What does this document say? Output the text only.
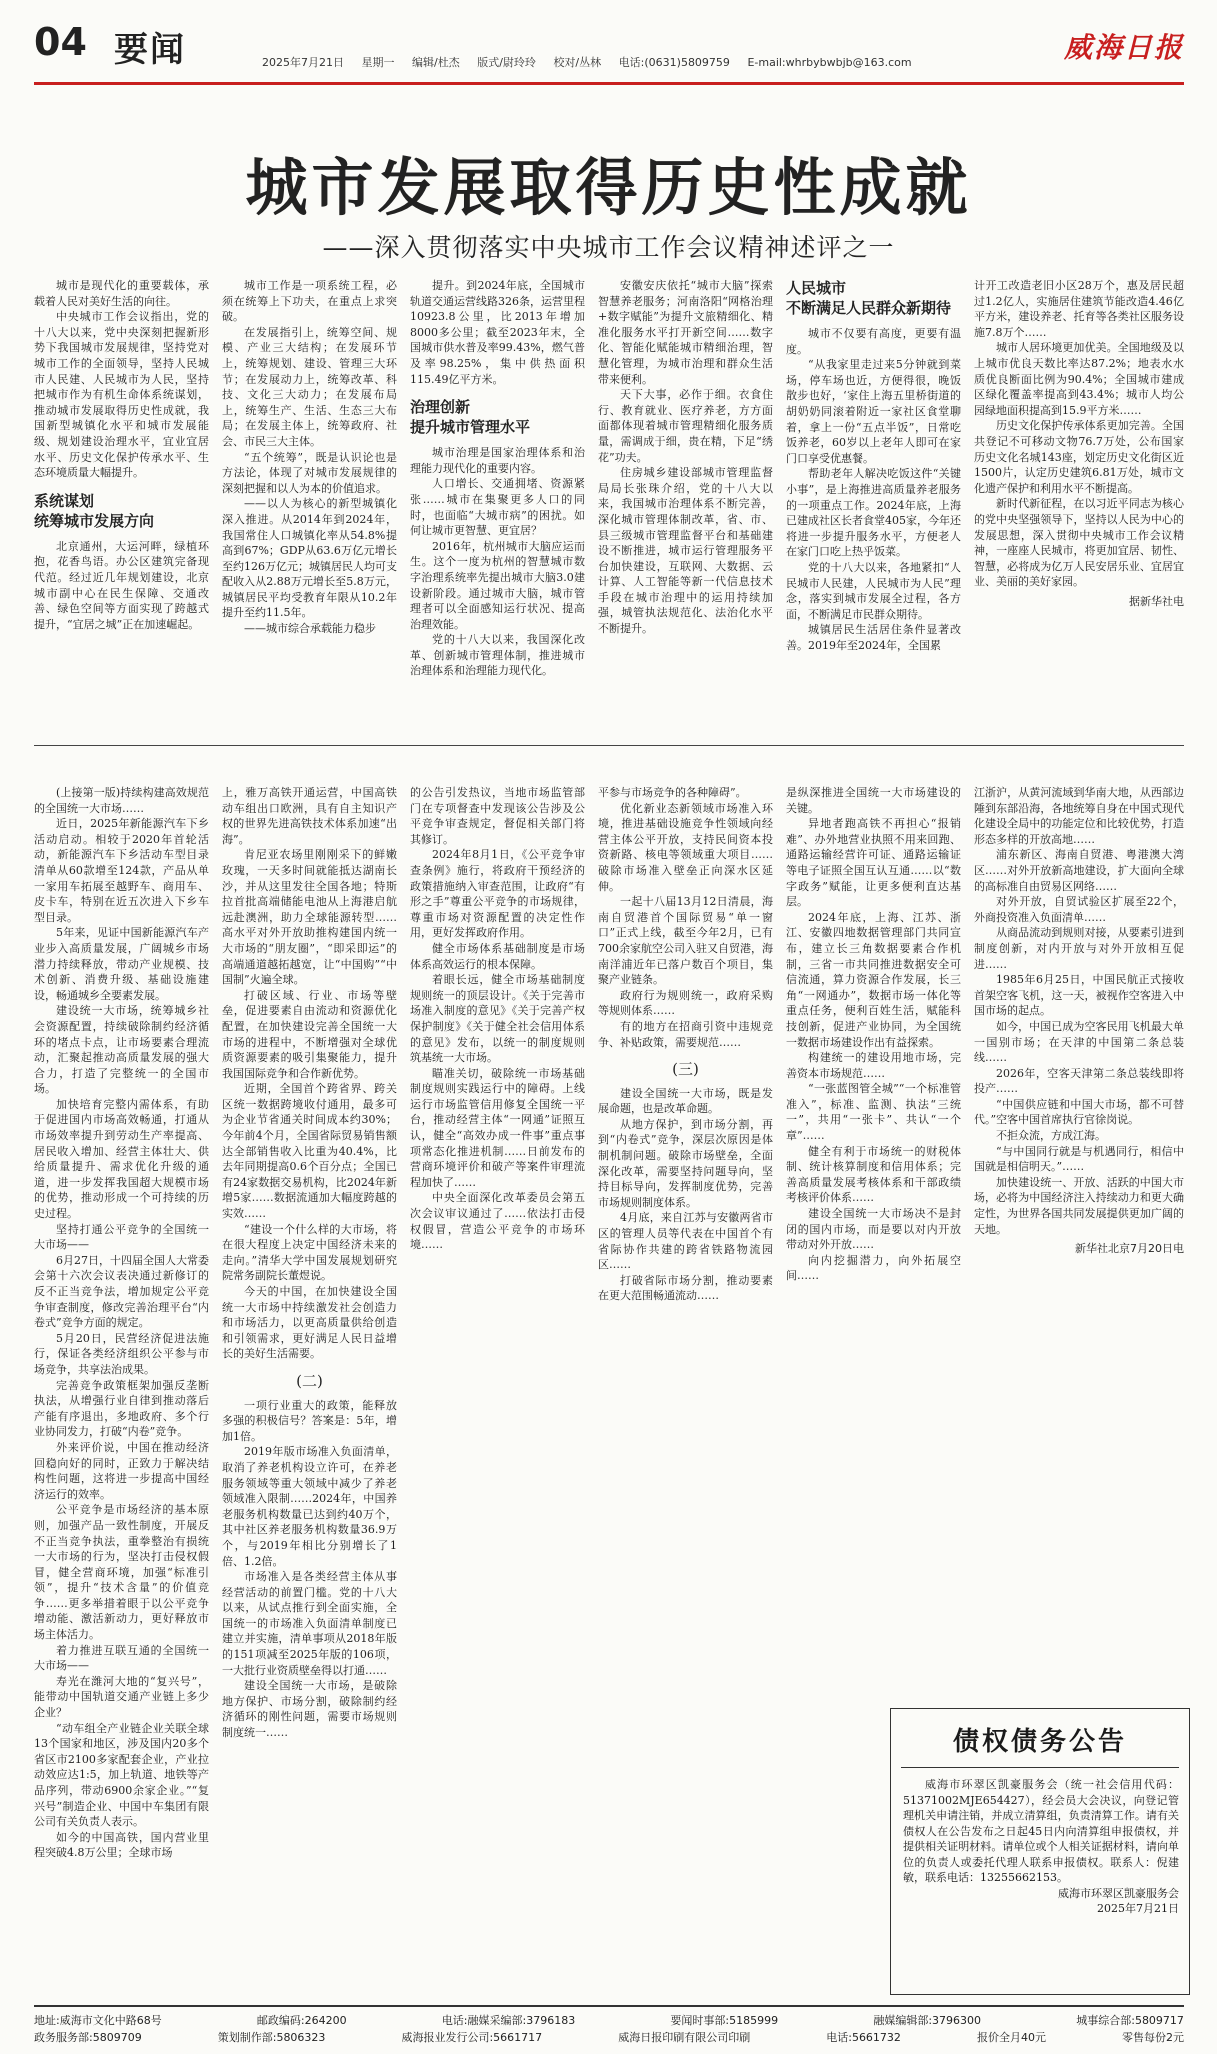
04 要闻	2025年7月21日 星期一 编辑/杜杰 版式/尉玲玲 校对/丛林 电话:(0631)5809759 E-mail:whrbybwbjb@163.com	威海日报
城市发展取得历史性成就
——深入贯彻落实中央城市工作会议精神述评之一

城市是现代化的重要载体，承载着人民对美好生活的向往。

中央城市工作会议指出，党的十八大以来，党中央深刻把握新形势下我国城市发展规律，坚持党对城市工作的全面领导，坚持人民城市人民建、人民城市为人民，坚持把城市作为有机生命体系统谋划，推动城市发展取得历史性成就，我国新型城镇化水平和城市发展能级、规划建设治理水平，宜业宜居水平、历史文化保护传承水平、生态环境质量大幅提升。

系统谋划
统筹城市发展方向

北京通州，大运河畔，绿植环抱，花香鸟语。办公区建筑完备现代范。经过近几年规划建设，北京城市副中心在民生保障、交通改善、绿色空间等方面实现了跨越式提升，“宜居之城”正在加速崛起。

城市工作是一项系统工程，必须在统筹上下功夫，在重点上求突破。

在发展指引上，统筹空间、规模、产业三大结构；在发展环节上，统筹规划、建设、管理三大环节；在发展动力上，统筹改革、科技、文化三大动力；在发展布局上，统筹生产、生活、生态三大布局；在发展主体上，统筹政府、社会、市民三大主体。

“五个统筹”，既是认识论也是方法论，体现了对城市发展规律的深刻把握和以人为本的价值追求。

——以人为核心的新型城镇化深入推进。从2014年到2024年，我国常住人口城镇化率从54.8%提高到67%；GDP从63.6万亿元增长至约126万亿元；城镇居民人均可支配收入从2.88万元增长至5.8万元，城镇居民平均受教育年限从10.2年提升至约11.5年。

——城市综合承载能力稳步

提升。到2024年底，全国城市轨道交通运营线路326条，运营里程10923.8公里，比2013年增加8000多公里；截至2023年末，全国城市供水普及率99.43%，燃气普及率98.25%，集中供热面积115.49亿平方米。

治理创新
提升城市管理水平

城市治理是国家治理体系和治理能力现代化的重要内容。

人口增长、交通拥堵、资源紧张……城市在集聚更多人口的同时，也面临“大城市病”的困扰。如何让城市更智慧、更宜居？

2016年，杭州城市大脑应运而生。这个一度为杭州的智慧城市数字治理系统率先提出城市大脑3.0建设新阶段。通过城市大脑，城市管理者可以全面感知运行状况、提高治理效能。

党的十八大以来，我国深化改革、创新城市管理体制，推进城市治理体系和治理能力现代化。

安徽安庆依托“城市大脑”探索智慧养老服务；河南洛阳“网格治理+数字赋能”为提升文旅精细化、精准化服务水平打开新空间……数字化、智能化赋能城市精细治理，智慧化管理，为城市治理和群众生活带来便利。

天下大事，必作于细。衣食住行、教育就业、医疗养老，方方面面都体现着城市管理精细化服务质量，需调成于细，贵在精，下足“绣花”功夫。

住房城乡建设部城市管理监督局局长张珠介绍，党的十八大以来，我国城市治理体系不断完善，深化城市管理体制改革，省、市、县三级城市管理监督平台和基础建设不断推进，城市运行管理服务平台加快建设，互联网、大数据、云计算、人工智能等新一代信息技术手段在城市治理中的运用持续加强，城管执法规范化、法治化水平不断提升。

人民城市
不断满足人民群众新期待

城市不仅要有高度，更要有温度。

“从我家里走过来5分钟就到菜场，停车场也近，方便得很，晚饭散步也好，‘家住上海五里桥街道的胡奶奶同滚着附近一家社区食堂聊着，拿上一份“五点半饭”，日常吃饭养老，60岁以上老年人即可在家门口享受优惠餐。

帮助老年人解决吃饭这件“关键小事”，是上海推进高质量养老服务的一项重点工作。2024年底，上海已建成社区长者食堂405家，今年还将进一步提升服务水平，方便老人在家门口吃上热乎饭菜。

党的十八大以来，各地紧扣“人民城市人民建，人民城市为人民”理念，落实到城市发展全过程，各方面，不断满足市民群众期待。

城镇居民生活居住条件显著改善。2019年至2024年，全国累

计开工改造老旧小区28万个，惠及居民超过1.2亿人，实施居住建筑节能改造4.46亿平方米，建设养老、托育等各类社区服务设施7.8万个……

城市人居环境更加优美。全国地级及以上城市优良天数比率达87.2%；地表水水质优良断面比例为90.4%；全国城市建成区绿化覆盖率提高到43.4%；城市人均公园绿地面积提高到15.9平方米……

历史文化保护传承体系更加完善。全国共登记不可移动文物76.7万处，公布国家历史文化名城143座，划定历史文化街区近1500片，认定历史建筑6.81万处，城市文化遗产保护和利用水平不断提高。

新时代新征程，在以习近平同志为核心的党中央坚强领导下，坚持以人民为中心的发展思想，深入贯彻中央城市工作会议精神，一座座人民城市，将更加宜居、韧性、智慧，必将成为亿万人民安居乐业、宜居宜业、美丽的美好家园。

据新华社电

(上接第一版)持续构建高效规范的全国统一大市场……

近日，2025年新能源汽车下乡活动启动。相较于2020年首轮活动，新能源汽车下乡活动车型目录清单从60款增至124款，产品从单一家用车拓展至越野车、商用车、皮卡车，特别在近五次进入下乡车型目录。

5年来，见证中国新能源汽车产业步入高质量发展，广阔城乡市场潜力持续释放，带动产业规模、技术创新、消费升级、基础设施建设，畅通城乡全要素发展。

建设统一大市场，统筹城乡社会资源配置，持续破除制约经济循环的堵点卡点，让市场要素合理流动，汇聚起推动高质量发展的强大合力，打造了完整统一的全国市场。

加快培育完整内需体系，有助于促进国内市场高效畅通，打通从市场效率提升到劳动生产率提高、居民收入增加、经营主体壮大、供给质量提升、需求优化升级的通道，进一步发挥我国超大规模市场的优势，推动形成一个可持续的历史过程。

坚持打通公平竞争的全国统一大市场——

6月27日，十四届全国人大常委会第十六次会议表决通过新修订的反不正当竞争法，增加规定公平竞争审查制度，修改完善治理平台“内卷式”竞争方面的规定。

5月20日，民营经济促进法施行，保证各类经济组织公平参与市场竞争，共享法治成果。

完善竞争政策框架加强反垄断执法，从增强行业自律到推动落后产能有序退出，多地政府、多个行业协同发力，打破“内卷”竞争。

外来评价说，中国在推动经济回稳向好的同时，正致力于解决结构性问题，这将进一步提高中国经济运行的效率。

公平竞争是市场经济的基本原则，加强产品一致性制度，开展反不正当竞争执法，重拳整治有损统一大市场的行为，坚决打击侵权假冒，健全营商环境，加强“标准引领”，提升“技术含量”的价值竞争……更多举措着眼于以公平竞争增动能、激活新动力，更好释放市场主体活力。

着力推进互联互通的全国统一大市场——

寿光在潍河大地的“复兴号”，能带动中国轨道交通产业链上多少企业？

“动车组全产业链企业关联全球13个国家和地区，涉及国内20多个省区市2100多家配套企业，产业拉动效应达1:5，加上轨道、地铁等产品序列，带动6900余家企业。”“复兴号”制造企业、中国中车集团有限公司有关负责人表示。

如今的中国高铁，国内营业里程突破4.8万公里；全球市场

上，雅万高铁开通运营，中国高铁动车组出口欧洲，具有自主知识产权的世界先进高铁技术体系加速“出海”。

肯尼亚农场里刚刚采下的鲜嫩玫瑰，一天多时间就能抵达湖南长沙，并从这里发往全国各地；特斯拉首批高端储能电池从上海港启航远赴澳洲，助力全球能源转型……高水平对外开放助推构建国内统一大市场的“朋友圈”，“即采即运”的高端通道越拓越宽，让“中国购”“中国制”火遍全球。

打破区域、行业、市场等壁垒，促进要素自由流动和资源优化配置，在加快建设完善全国统一大市场的进程中，不断增强对全球优质资源要素的吸引集聚能力，提升我国国际竞争和合作新优势。

近期，全国首个跨省界、跨关区统一数据跨境收付通用，最多可为企业节省通关时间成本约30%；今年前4个月，全国省际贸易销售额达全部销售收入比重为40.4%，比去年同期提高0.6个百分点；全国已有24家数据交易机构，比2024年新增5家……数据流通加大幅度跨越的实效……

“建设一个什么样的大市场，将在很大程度上决定中国经济未来的走向。”清华大学中国发展规划研究院常务副院长董煜说。

今天的中国，在加快建设全国统一大市场中持续激发社会创造力和市场活力，以更高质量供给创造和引领需求，更好满足人民日益增长的美好生活需要。

(二)

一项行业重大的政策，能释放多强的积极信号？答案是：5年，增加1倍。

2019年版市场准入负面清单，取消了养老机构设立许可，在养老服务领域等重大领域中减少了养老领域准入限制……2024年，中国养老服务机构数量已达到约40万个，其中社区养老服务机构数量36.9万个，与2019年相比分别增长了1倍、1.2倍。

市场准入是各类经营主体从事经营活动的前置门槛。党的十八大以来，从试点推行到全面实施，全国统一的市场准入负面清单制度已建立并实施，清单事项从2018年版的151项减至2025年版的106项，一大批行业资质壁垒得以打通……

建设全国统一大市场，是破除地方保护、市场分割，破除制约经济循环的刚性问题，需要市场规则制度统一……

的公告引发热议，当地市场监管部门在专项督查中发现该公告涉及公平竞争审查规定，督促相关部门将其修订。

2024年8月1日，《公平竞争审查条例》施行，将政府干预经济的政策措施纳入审查范围，让政府“有形之手”尊重公平竞争的市场规律，尊重市场对资源配置的决定性作用，更好发挥政府作用。

健全市场体系基础制度是市场体系高效运行的根本保障。

着眼长远，健全市场基础制度规则统一的顶层设计。《关于完善市场准入制度的意见》《关于完善产权保护制度》《关于健全社会信用体系的意见》发布，以统一的制度规则筑基统一大市场。

瞄准关切，破除统一市场基础制度规则实践运行中的障碍。上线运行市场监管信用修复全国统一平台，推动经营主体“一网通”证照互认，健全“高效办成一件事”重点事项常态化推进机制……日前发布的营商环境评价和破产等案件审理流程加快了……

中央全面深化改革委员会第五次会议审议通过了……依法打击侵权假冒，营造公平竞争的市场环境……

平参与市场竞争的各种障碍”。

优化新业态新领域市场准入环境，推进基础设施竞争性领域向经营主体公平开放，支持民间资本投资新路、核电等领域重大项目……破除市场准入壁垒正向深水区延伸。

一起十八届13月12日清晨，海南自贸港首个国际贸易“单一窗口”正式上线，截至今年2月，已有700余家航空公司入驻又自贸港，海南洋浦近年已落户数百个项目，集聚产业链条。

政府行为规则统一，政府采购等规则体系……

有的地方在招商引资中违规竞争、补贴政策，需要规范……

(三)

建设全国统一大市场，既是发展命题，也是改革命题。

从地方保护，到市场分割，再到“内卷式”竞争，深层次原因是体制机制问题。破除市场壁垒，全面深化改革，需要坚持问题导向，坚持目标导向，发挥制度优势，完善市场规则制度体系。

4月底，来自江苏与安徽两省市区的管理人员等代表在中国首个有省际协作共建的跨省铁路物流园区……

打破省际市场分割，推动要素在更大范围畅通流动……

是纵深推进全国统一大市场建设的关键。

异地者跑高铁不再担心“报销难”、办外地营业执照不用来回跑、通路运输经营许可证、通路运输证等电子证照全国互认互通……以“数字政务”赋能，让更多便利直达基层。

2024年底，上海、江苏、浙江、安徽四地数据管理部门共同宣布，建立长三角数据要素合作机制，三省一市共同推进数据安全可信流通，算力资源合作发展，长三角“一网通办”，数据市场一体化等重点任务，便利百姓生活，赋能科技创新，促进产业协同，为全国统一数据市场建设作出有益探索。

构建统一的建设用地市场，完善资本市场规范……

“一张蓝图管全城”“一个标准管准入”，标准、监测、执法“三统一”，共用“一张卡”、共认“一个章”……

健全有利于市场统一的财税体制、统计核算制度和信用体系；完善高质量发展考核体系和干部政绩考核评价体系……

建设全国统一大市场决不是封闭的国内市场，而是要以对内开放带动对外开放……

向内挖掘潜力，向外拓展空间……

江浙沪，从黄河流域到华南大地，从西部边陲到东部沿海，各地统筹自身在中国式现代化建设全局中的功能定位和比较优势，打造形态多样的开放高地……

浦东新区、海南自贸港、粤港澳大湾区……对外开放新高地建设，扩大面向全球的高标准自由贸易区网络……

对外开放，自贸试验区扩展至22个，外商投资准入负面清单……

从商品流动到规则对接，从要素引进到制度创新，对内开放与对外开放相互促进……

1985年6月25日，中国民航正式接收首架空客飞机，这一天，被视作空客进入中国市场的起点。

如今，中国已成为空客民用飞机最大单一国别市场；在天津的中国第二条总装线……

2026年，空客天津第二条总装线即将投产……

“中国供应链和中国大市场，都不可替代。”空客中国首席执行官徐岗说。

不拒众流，方成江海。

“与中国同行就是与机遇同行，相信中国就是相信明天。”……

加快建设统一、开放、活跃的中国大市场，必将为中国经济注入持续动力和更大确定性，为世界各国共同发展提供更加广阔的天地。

新华社北京7月20日电
债权债务公告

威海市环翠区凯豪服务会（统一社会信用代码：51371002MJE654427），经会员大会决议，向登记管理机关申请注销，并成立清算组，负责清算工作。请有关债权人在公告发布之日起45日内向清算组申报债权，并提供相关证明材料。请单位或个人相关证据材料，请向单位的负责人或委托代理人联系申报债权。联系人：倪建敏，联系电话：13255662153。

威海市环翠区凯豪服务会
2025年7月21日
地址:威海市文化中路68号	邮政编码:264200	电话:融媒采编部:3796183	要闻时事部:5185999	融媒编辑部:3796300	城事综合部:5809717
政务服务部:5809709	策划制作部:5806323	威海报业发行公司:5661717	威海日报印刷有限公司印刷	电话:5661732	报价全月40元	零售每份2元
